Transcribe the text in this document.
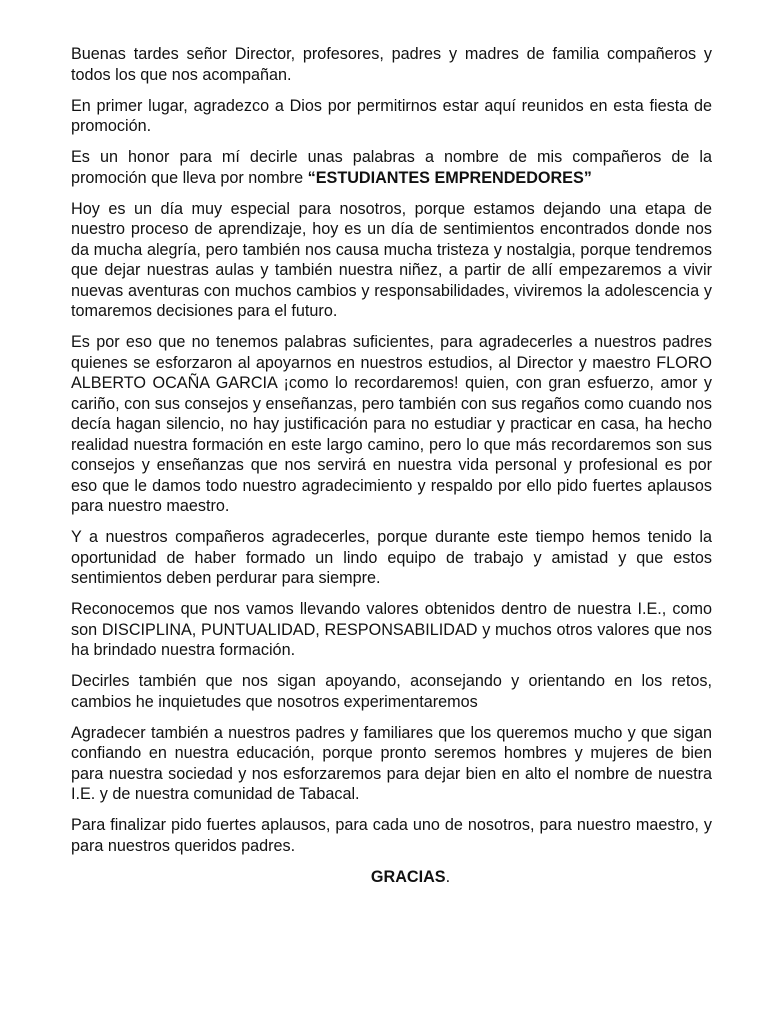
Buenas tardes señor Director, profesores, padres y madres de familia compañeros y todos los que nos acompañan.

En primer lugar, agradezco a Dios por permitirnos estar aquí reunidos en esta fiesta de promoción.

Es un honor para mí decirle unas palabras a nombre de mis compañeros de la promoción que lleva por nombre “ESTUDIANTES EMPRENDEDORES”

Hoy es un día muy especial para nosotros, porque estamos dejando una etapa de nuestro proceso de aprendizaje, hoy es un día de sentimientos encontrados donde nos da mucha alegría, pero también nos causa mucha tristeza y nostalgia, porque tendremos que dejar nuestras aulas y también nuestra niñez, a partir de allí empezaremos a vivir nuevas aventuras con muchos cambios y responsabilidades, viviremos la adolescencia y tomaremos decisiones para el futuro.

Es por eso que no tenemos palabras suficientes, para agradecerles a nuestros padres quienes se esforzaron al apoyarnos en nuestros estudios, al Director y maestro FLORO ALBERTO OCAÑA GARCIA ¡como lo recordaremos! quien, con gran esfuerzo, amor y cariño, con sus consejos y enseñanzas, pero también con sus regaños como cuando nos decía hagan silencio, no hay justificación para no estudiar y practicar en casa, ha hecho realidad nuestra formación en este largo camino, pero lo que más recordaremos son sus consejos y enseñanzas que nos servirá en nuestra vida personal y profesional es por eso que le damos todo nuestro agradecimiento y respaldo por ello pido fuertes aplausos para nuestro maestro.

Y a nuestros compañeros agradecerles, porque durante este tiempo hemos tenido la oportunidad de haber formado un lindo equipo de trabajo y amistad y que estos sentimientos deben perdurar para siempre.

Reconocemos que nos vamos llevando valores obtenidos dentro de nuestra I.E., como son DISCIPLINA, PUNTUALIDAD, RESPONSABILIDAD y muchos otros valores que nos ha brindado nuestra formación.

Decirles también que nos sigan apoyando, aconsejando y orientando en los retos, cambios he inquietudes que nosotros experimentaremos

Agradecer también a nuestros padres y familiares que los queremos mucho y que sigan confiando en nuestra educación, porque pronto seremos hombres y mujeres de bien para nuestra sociedad y nos esforzaremos para dejar bien en alto el nombre de nuestra I.E. y de nuestra comunidad de Tabacal.

Para finalizar pido fuertes aplausos, para cada uno de nosotros, para nuestro maestro, y para nuestros queridos padres.

GRACIAS.
